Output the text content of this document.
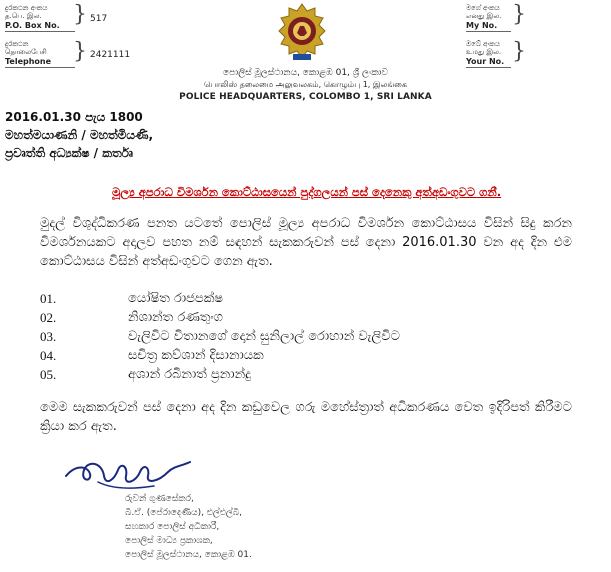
දුරකථන අංකය
த.பெ. இல.
P.O. Box No. } 517
දුරකථන
தொலைபேசி
Telephone } 2421111
මගේ අංකය
எனது இல.
My No. }
ඔබේ අංකය
உமது இல.
Your No. }
පොලිස් මූලස්ථානය, කොළඹ 01, ශ්‍රී ලංකාව
பொலிஸ் தலைமை அலுவலகம், கொழும்பு 1, இலங்கை
POLICE HEADQUARTERS, COLOMBO 1, SRI LANKA
2016.01.30 පැය 1800
මහත්මයාණනි / මහත්මියණි,
ප්‍රවෘත්ති අධ්‍යක්ෂ / කර්තෘ
මූල්‍ය අපරාධ විමර්ශන කොට්ඨාසයෙන් පුද්ගලයන් පස් දෙනෙකු අත්අඩංගුවට ගනී.
මුදල් විශුද්ධිකරණ පනත යටතේ පොලිස් මූල්‍ය අපරාධ විමර්ශන කොට්ඨාසය විසින් සිදු කරන විමර්ශනයකට අදාලව පහත නම් සඳහන් සැකකරුවන් පස් දෙනා 2016.01.30 වන අද දින එම කොට්ඨාසය විසින් අත්අඩංගුවට ගෙන ඇත.
01.	යෝෂිත රාජපක්ෂ
02.	නිශාන්ත රණතුංග
03.	වැලිවිට විතානගේ දොන් සුනිලාල් රොහාන් වැලිවිට
04.	සචිත්‍ර කව්ශාන් දිසානායක
05.	අශාන් රබිනාත් ප්‍රනාන්දු
මෙම සැකකරුවන් පස් දෙනා අද දින කඩුවෙල ගරු මහේස්ත්‍රාත් අධිකරණය වෙත ඉදිරිපත් කිරීමට ක්‍රියා කර ඇත.
රුවන් ගුණසේකර,
බී.ඒ. (පේරාදෙණිය), එල්එල්බී,
සහකාර පොලිස් අධිකාරී,
පොලිස් මාධ්‍ය ප්‍රකාශක,
පොලිස් මූලස්ථානය, කොළඹ 01.
